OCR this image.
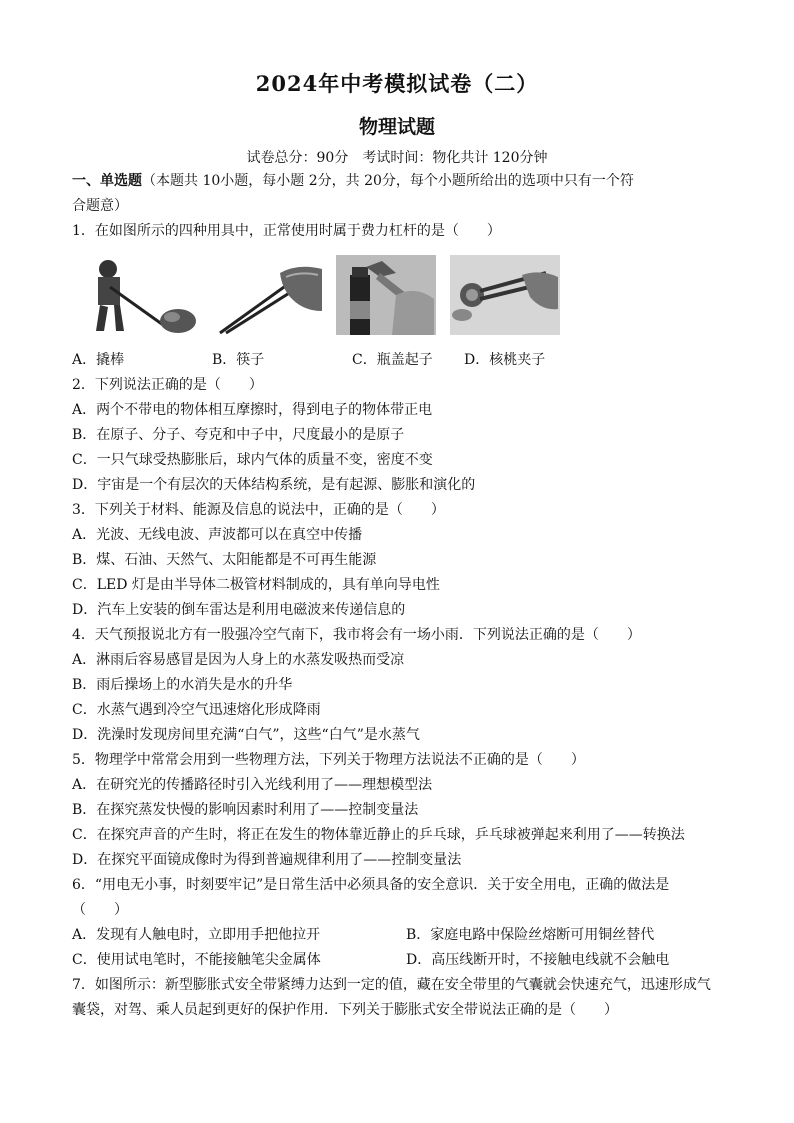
2024年中考模拟试卷（二）
物理试题
试卷总分：90分　考试时间：物化共计 120分钟
一、单选题（本题共 10小题，每小题 2分，共 20分，每个小题所给出的选项中只有一个符
合题意）
1．在如图所示的四种用具中，正常使用时属于费力杠杆的是（　　）
A．撬棒	B．筷子	C．瓶盖起子 D．核桃夹子
2．下列说法正确的是（　　）
A．两个不带电的物体相互摩擦时，得到电子的物体带正电
B．在原子、分子、夸克和中子中，尺度最小的是原子
C．一只气球受热膨胀后，球内气体的质量不变，密度不变
D．宇宙是一个有层次的天体结构系统，是有起源、膨胀和演化的
3．下列关于材料、能源及信息的说法中，正确的是（　　）
A．光波、无线电波、声波都可以在真空中传播
B．煤、石油、天然气、太阳能都是不可再生能源
C．LED 灯是由半导体二极管材料制成的，具有单向导电性
D．汽车上安装的倒车雷达是利用电磁波来传递信息的
4．天气预报说北方有一股强冷空气南下，我市将会有一场小雨．下列说法正确的是（　　）
A．淋雨后容易感冒是因为人身上的水蒸发吸热而受凉
B．雨后操场上的水消失是水的升华
C．水蒸气遇到冷空气迅速熔化形成降雨
D．洗澡时发现房间里充满“白气”，这些“白气”是水蒸气
5．物理学中常常会用到一些物理方法，下列关于物理方法说法不正确的是（　　）
A．在研究光的传播路径时引入光线利用了——理想模型法
B．在探究蒸发快慢的影响因素时利用了——控制变量法
C．在探究声音的产生时，将正在发生的物体靠近静止的乒乓球，乒乓球被弹起来利用了——转换法
D．在探究平面镜成像时为得到普遍规律利用了——控制变量法
6．“用电无小事，时刻要牢记”是日常生活中必须具备的安全意识．关于安全用电，正确的做法是
（　　）
A．发现有人触电时，立即用手把他拉开	B．家庭电路中保险丝熔断可用铜丝替代
C．使用试电笔时，不能接触笔尖金属体	D．高压线断开时，不接触电线就不会触电
7．如图所示：新型膨胀式安全带紧缚力达到一定的值，藏在安全带里的气囊就会快速充气，迅速形成气
囊袋，对驾、乘人员起到更好的保护作用．下列关于膨胀式安全带说法正确的是（　　）
